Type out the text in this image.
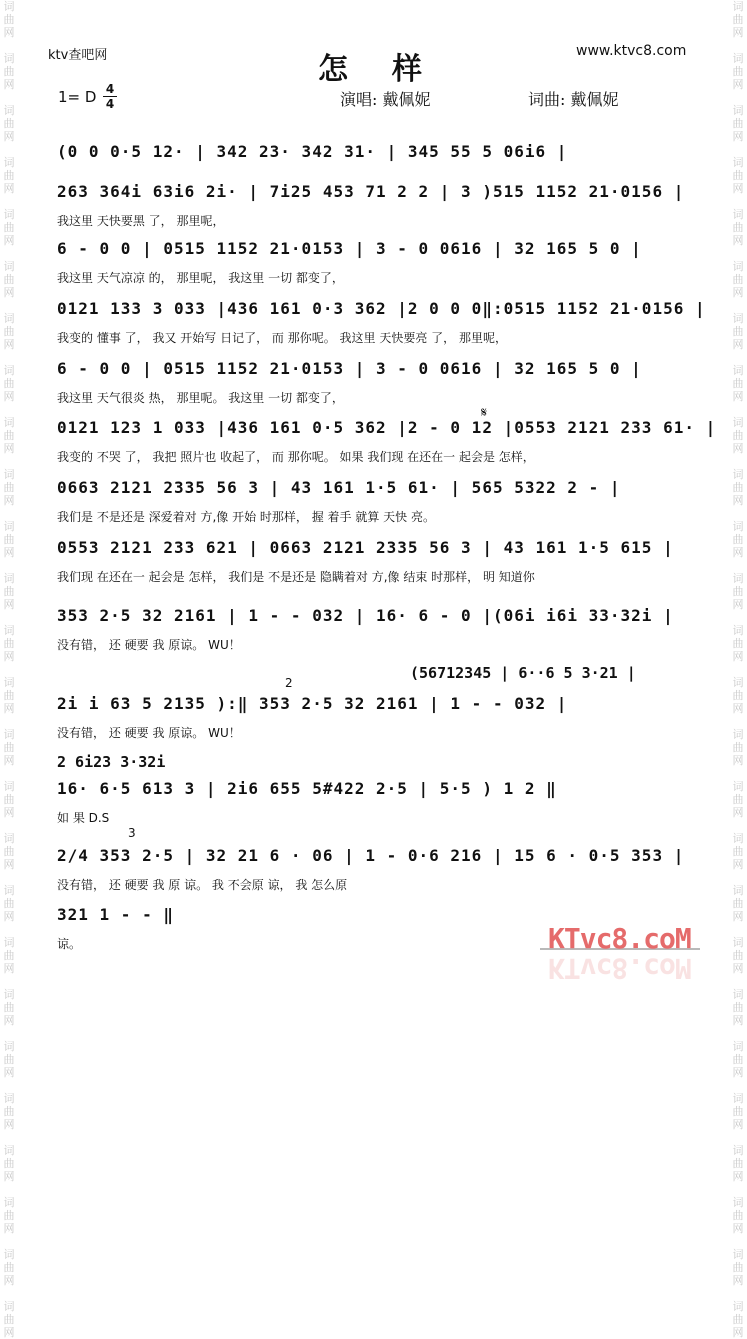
词
曲
网

词
曲
网

词
曲
网

词
曲
网

词
曲
网

词
曲
网

词
曲
网

词
曲
网

词
曲
网

词
曲
网

词
曲
网

词
曲
网

词
曲
网

词
曲
网

词
曲
网

词
曲
网

词
曲
网

词
曲
网

词
曲
网

词
曲
网

词
曲
网

词
曲
网

词
曲
网

词
曲
网

词
曲
网

词
曲
网

词
曲
网

词
曲
网

词
曲
网

词
曲
网

词
曲
网

词
曲
网

词
曲
网

词
曲
网

词
曲
网

词
曲
网

词
曲
网

词
曲
网

词
曲
网

词
曲
网

词
曲
网

词
曲
网

词
曲
网

词
曲
网

词
曲
网

词
曲
网

词
曲
网

词
曲
网

词
曲
网

词
曲
网

词
曲
网

词
曲
网

ktv查吧网	www.ktvc8.com
怎样
1= D 4
4	演唱: 戴佩妮	词曲: 戴佩妮
(0 0 0·5 12· | 342 23· 342 31· | 345 55 5 06i6 |
263 364i 63i6 2i· | 7i25 453 71 2 2 | 3 )515 1152 21·0156 |
我这里 天快要黑 了， 那里呢，
6 - 0 0 | 0515 1152 21·0153 | 3 - 0 0616 | 32 165 5 0 |
我这里 天气凉凉 的， 那里呢， 我这里 一切 都变了，
0121 133 3 033 |436 161 0·3 362 |2 0 0 0‖:0515 1152 21·0156 |
我变的 懂事 了， 我又 开始写 日记了， 而 那你呢。 我这里 天快要亮 了， 那里呢，
6 - 0 0 | 0515 1152 21·0153 | 3 - 0 0616 | 32 165 5 0 |
我这里 天气很炎 热， 那里呢。 我这里 一切 都变了，
𝄋
0121 123 1 033 |436 161 0·5 362 |2 - 0 12 |0553 2121 233 61· |
我变的 不哭 了， 我把 照片也 收起了， 而 那你呢。 如果 我们现 在还在一 起会是 怎样，
0663 2121 2335 56 3 | 43 161 1·5 61· | 565 5322 2 - |
我们是 不是还是 深爱着对 方,像 开始 时那样， 握 着手 就算 天快 亮。
0553 2121 233 621 | 0663 2121 2335 56 3 | 43 161 1·5 615 |
我们现 在还在一 起会是 怎样， 我们是 不是还是 隐瞒着对 方,像 结束 时那样， 明 知道你
353 2·5 32 2161 | 1 - - 032 | 16· 6 - 0 |(06i i6i 33·32i |
没有错， 还 硬要 我 原谅。 WU！
(56712345 | 6··6 5 3·21 |
2
2i i 63 5 2135 ):‖ 353 2·5 32 2161 | 1 - - 032 |
没有错， 还 硬要 我 原谅。 WU！
2 6i23 3·32i
16· 6·5 613 3 | 2i6 655 5#422 2·5 | 5·5 ) 1 2 ‖
如 果 D.S
3
2/4 353 2·5 | 32 21 6 · 06 | 1 - 0·6 216 | 15 6 · 0·5 353 |
没有错， 还 硬要 我 原 谅。 我 不会原 谅， 我 怎么原
321 1 - - ‖
谅。	KTvc8.coM
KTvc8.coM
